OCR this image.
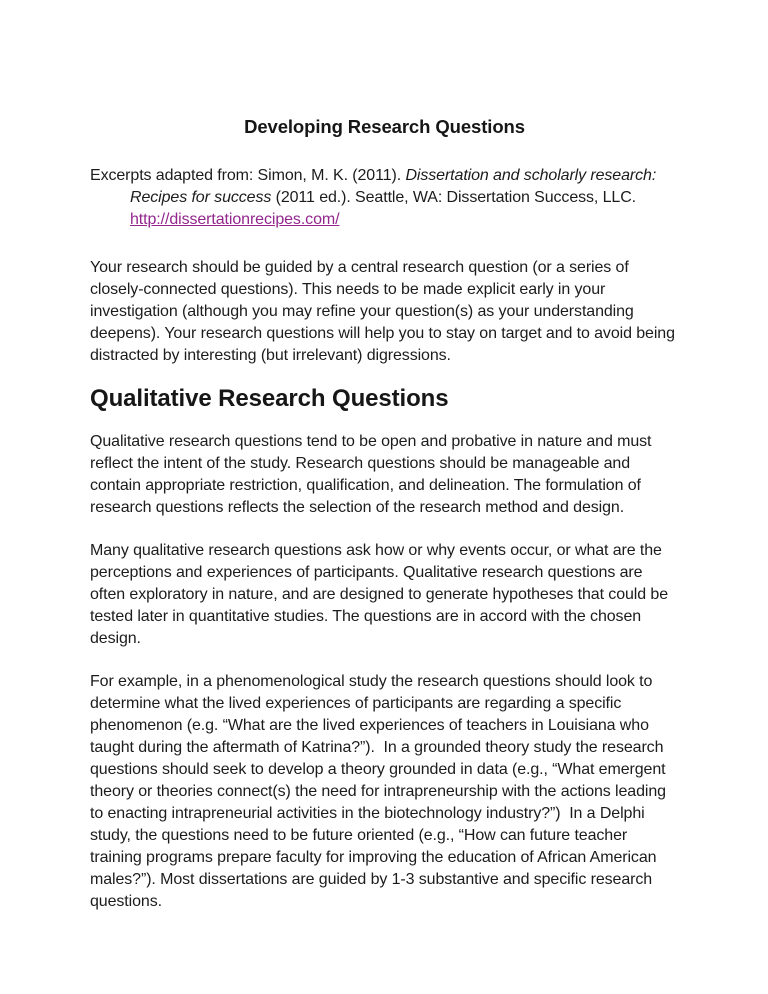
Developing Research Questions

Excerpts adapted from: Simon, M. K. (2011). Dissertation and scholarly research: Recipes for success (2011 ed.). Seattle, WA: Dissertation Success, LLC. http://dissertationrecipes.com/

Your research should be guided by a central research question (or a series of closely-connected questions). This needs to be made explicit early in your investigation (although you may refine your question(s) as your understanding deepens). Your research questions will help you to stay on target and to avoid being distracted by interesting (but irrelevant) digressions.

Qualitative Research Questions

Qualitative research questions tend to be open and probative in nature and must reflect the intent of the study. Research questions should be manageable and contain appropriate restriction, qualification, and delineation. The formulation of research questions reflects the selection of the research method and design.

Many qualitative research questions ask how or why events occur, or what are the perceptions and experiences of participants. Qualitative research questions are often exploratory in nature, and are designed to generate hypotheses that could be tested later in quantitative studies. The questions are in accord with the chosen design.

For example, in a phenomenological study the research questions should look to determine what the lived experiences of participants are regarding a specific phenomenon (e.g. “What are the lived experiences of teachers in Louisiana who taught during the aftermath of Katrina?”).  In a grounded theory study the research questions should seek to develop a theory grounded in data (e.g., “What emergent theory or theories connect(s) the need for intrapreneurship with the actions leading to enacting intrapreneurial activities in the biotechnology industry?”)  In a Delphi study, the questions need to be future oriented (e.g., “How can future teacher training programs prepare faculty for improving the education of African American males?”). Most dissertations are guided by 1-3 substantive and specific research questions.
